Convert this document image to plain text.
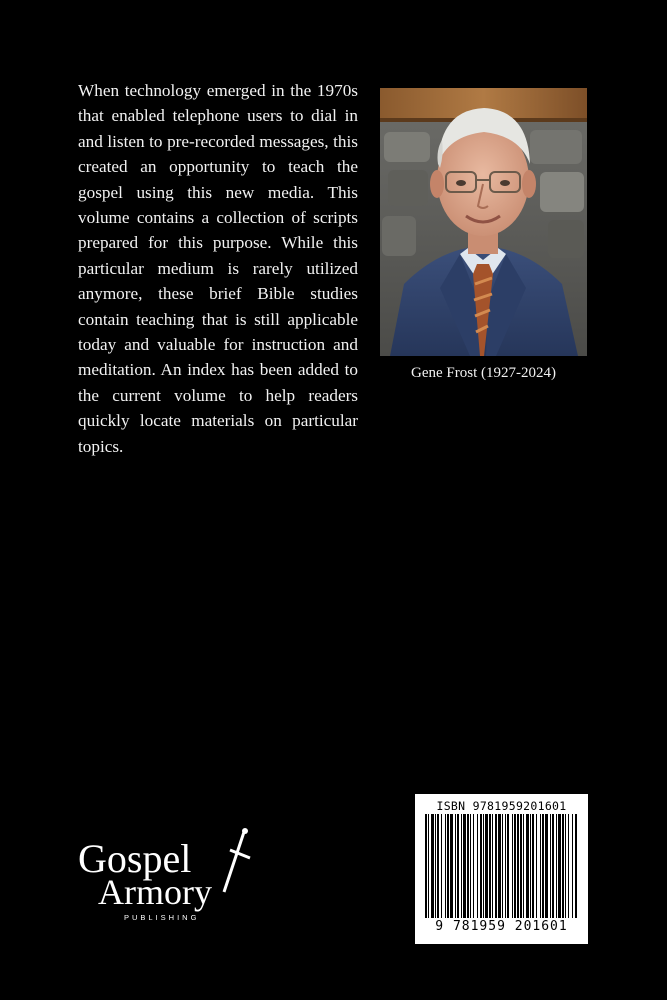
When technology emerged in the 1970s that enabled telephone users to dial in and listen to pre-recorded messages, this created an opportunity to teach the gospel using this new media. This volume contains a collection of scripts prepared for this purpose. While this particular medium is rarely utilized anymore, these brief Bible studies contain teaching that is still applicable today and valuable for instruction and meditation. An index has been added to the current volume to help readers quickly locate materials on particular topics.

Gene Frost (1927-2024)

Gospel
Armory
PUBLISHING

ISBN 9781959201601

9 781959 201601
